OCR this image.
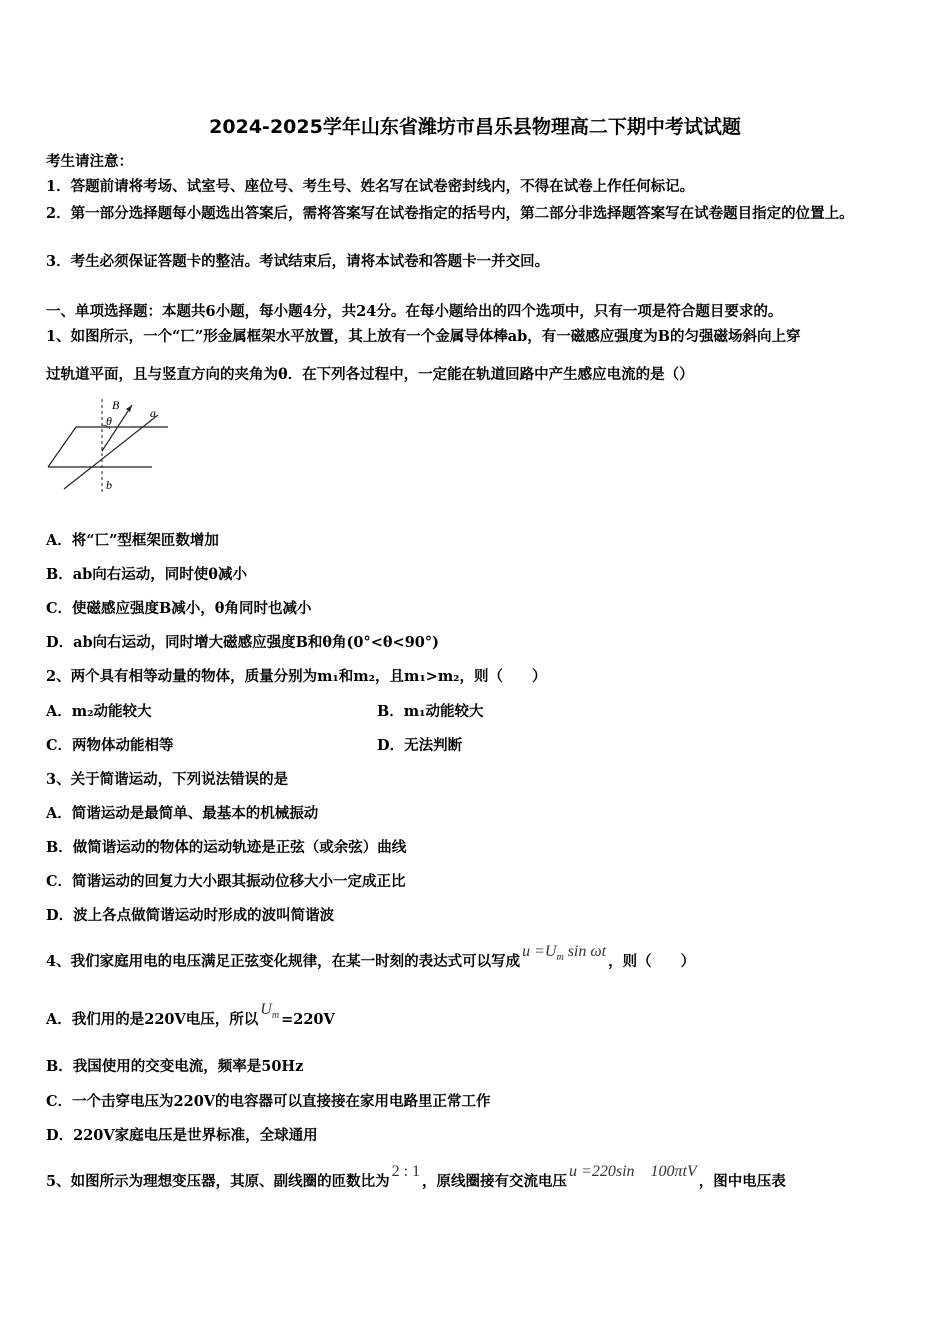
2024-2025学年山东省潍坊市昌乐县物理高二下期中考试试题
考生请注意：
1．答题前请将考场、试室号、座位号、考生号、姓名写在试卷密封线内，不得在试卷上作任何标记。
2．第一部分选择题每小题选出答案后，需将答案写在试卷指定的括号内，第二部分非选择题答案写在试卷题目指定的位置上。
3．考生必须保证答题卡的整洁。考试结束后，请将本试卷和答题卡一并交回。
一、单项选择题：本题共6小题，每小题4分，共24分。在每小题给出的四个选项中，只有一项是符合题目要求的。
1、如图所示，一个“匸”形金属框架水平放置，其上放有一个金属导体棒ab，有一磁感应强度为B的匀强磁场斜向上穿
过轨道平面，且与竖直方向的夹角为θ．在下列各过程中，一定能在轨道回路中产生感应电流的是（）
B
θ
a
b
A．将“匸”型框架匝数增加
B．ab向右运动，同时使θ减小
C．使磁感应强度B减小，θ角同时也减小
D．ab向右运动，同时增大磁感应强度B和θ角(0°<θ<90°)
2、两个具有相等动量的物体，质量分别为m₁和m₂，且m₁>m₂，则（　　）
A．m₂动能较大	B．m₁动能较大
C．两物体动能相等	D．无法判断
3、关于简谐运动，下列说法错误的是
A．简谐运动是最简单、最基本的机械振动
B．做简谐运动的物体的运动轨迹是正弦（或余弦）曲线
C．简谐运动的回复力大小跟其振动位移大小一定成正比
D．波上各点做简谐运动时形成的波叫简谐波
4、我们家庭用电的电压满足正弦变化规律，在某一时刻的表达式可以写成$u =U_m$ sin ωt，则（　　）
A．我们用的是220V电压，所以$U_m =220V$
B．我国使用的交变电流，频率是50Hz
C．一个击穿电压为220V的电容器可以直接接在家用电路里正常工作
D．220V家庭电压是世界标准，全球通用
5、如图所示为理想变压器，其原、副线圈的匝数比为2 : 1，原线圈接有交流电压u =220sin　100πtV，图中电压表
